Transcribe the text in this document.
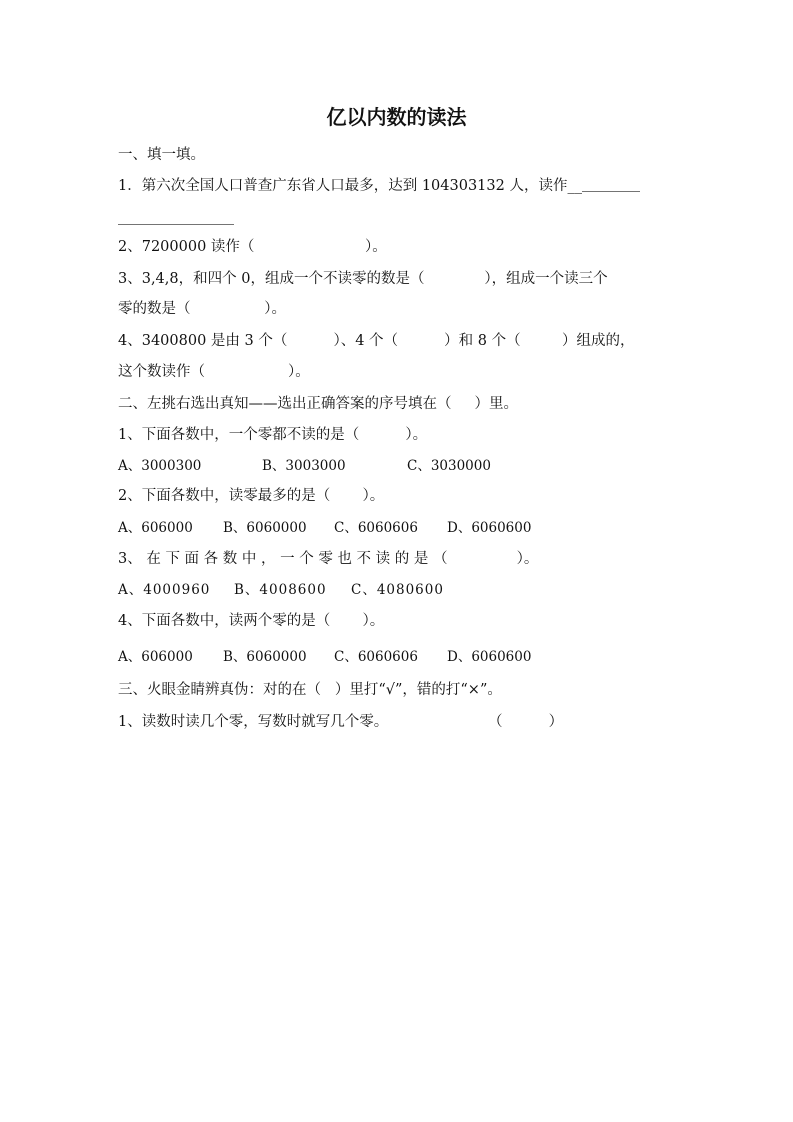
亿以内数的读法
一、填一填。
1．第六次全国人口普查广东省人口最多，达到 104303132 人，读作__＿＿＿＿
＿＿＿＿＿＿＿＿
2、7200000 读作（                        ）。
3、3,4,8，和四个 0，组成一个不读零的数是（             ），组成一个读三个
零的数是（                ）。
4、3400800 是由 3 个（          ）、4 个（          ）和 8 个（         ）组成的，
这个数读作（                  ）。
二、左挑右选出真知——选出正确答案的序号填在（     ）里。
1、下面各数中，一个零都不读的是（          ）。
A、3000300	B、3003000	C、3030000
2、下面各数中，读零最多的是（       ）。
A、606000 B、6060000 C、6060606 D、6060600
3、 在 下 面 各 数 中 ， 一 个 零 也 不 读 的 是 （               ）。
A、4000960 B、4008600 C、4080600
4、下面各数中，读两个零的是（       ）。
A、606000 B、6060000 C、6060606 D、6060600
三、火眼金睛辨真伪：对的在（   ）里打“√”，错的打“×”。
1、读数时读几个零，写数时就写几个零。	（          ）
